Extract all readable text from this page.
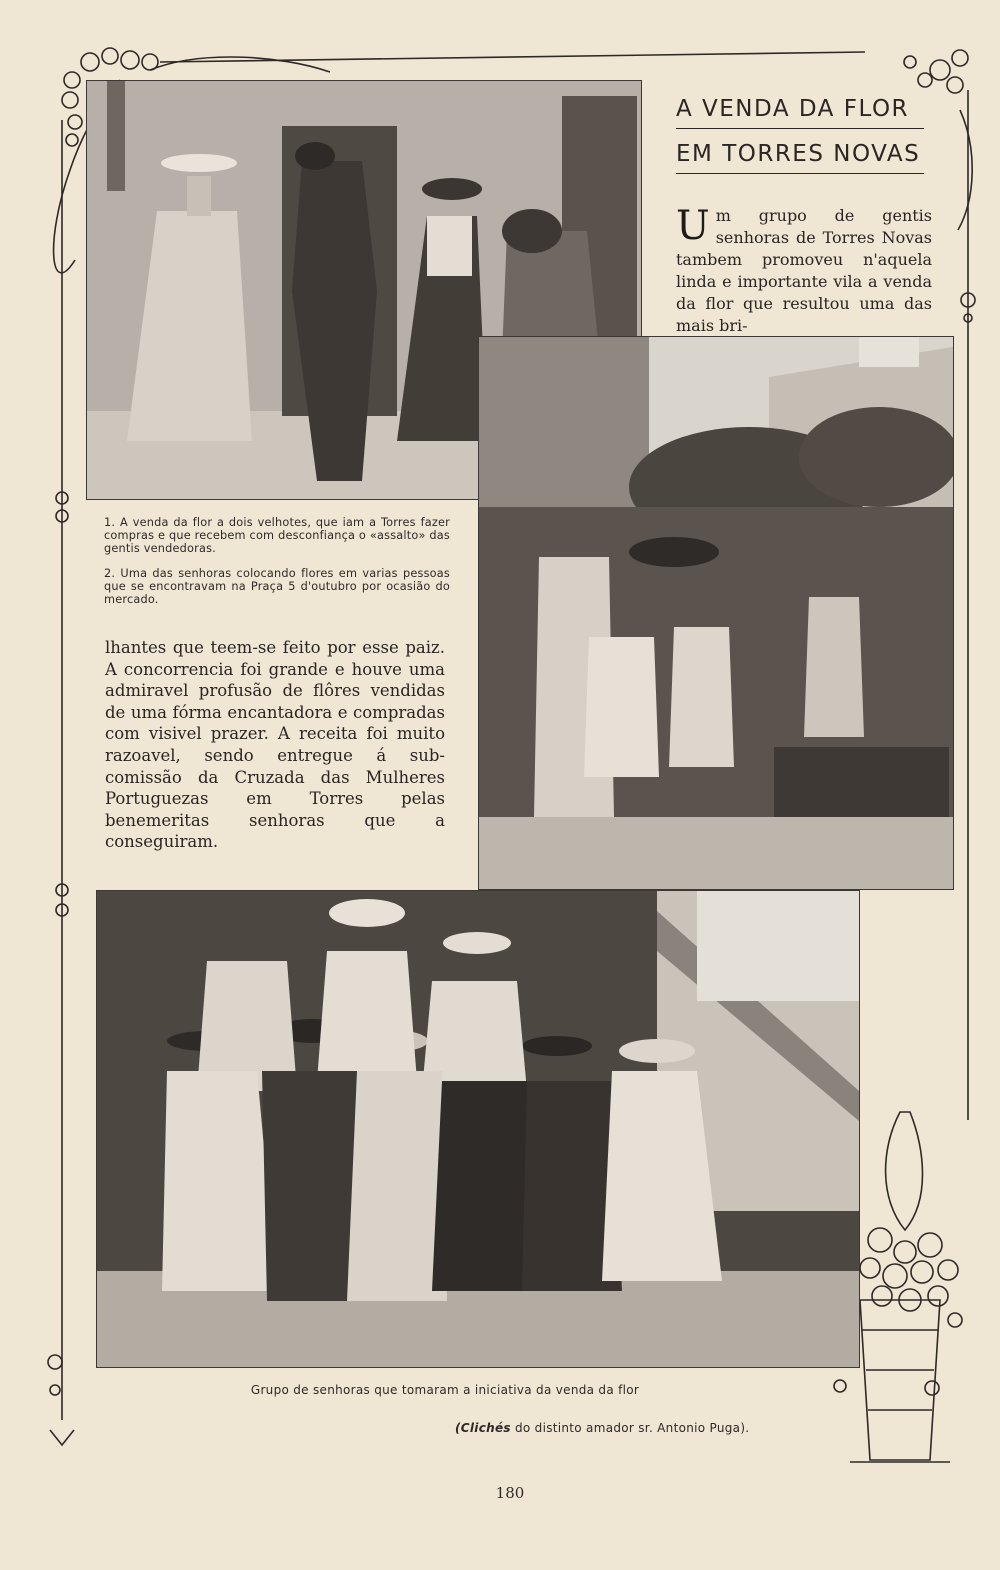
A VENDA DA FLOR
EM TORRES NOVAS
Um grupo de gentis senhoras de Torres Novas tambem promoveu n'aquela linda e importante vila a venda da flor que resultou uma das mais bri-
1. A venda da flor a dois velhotes, que iam a Torres fazer compras e que recebem com desconfiança o «assalto» das gentis vendedoras.
2. Uma das senhoras colocando flores em varias pessoas que se encontravam na Praça 5 d'outubro por ocasião do mercado.
lhantes que teem-se feito por esse paiz. A concorrencia foi grande e houve uma admiravel profusão de flôres vendidas de uma fórma encantadora e compradas com visivel prazer. A receita foi muito razoavel, sendo entregue á sub-comissão da Cruzada das Mulheres Portuguezas em Torres pelas benemeritas senhoras que a conseguiram.
Grupo de senhoras que tomaram a iniciativa da venda da flor
(Clichés do distinto amador sr. Antonio Puga).
180
